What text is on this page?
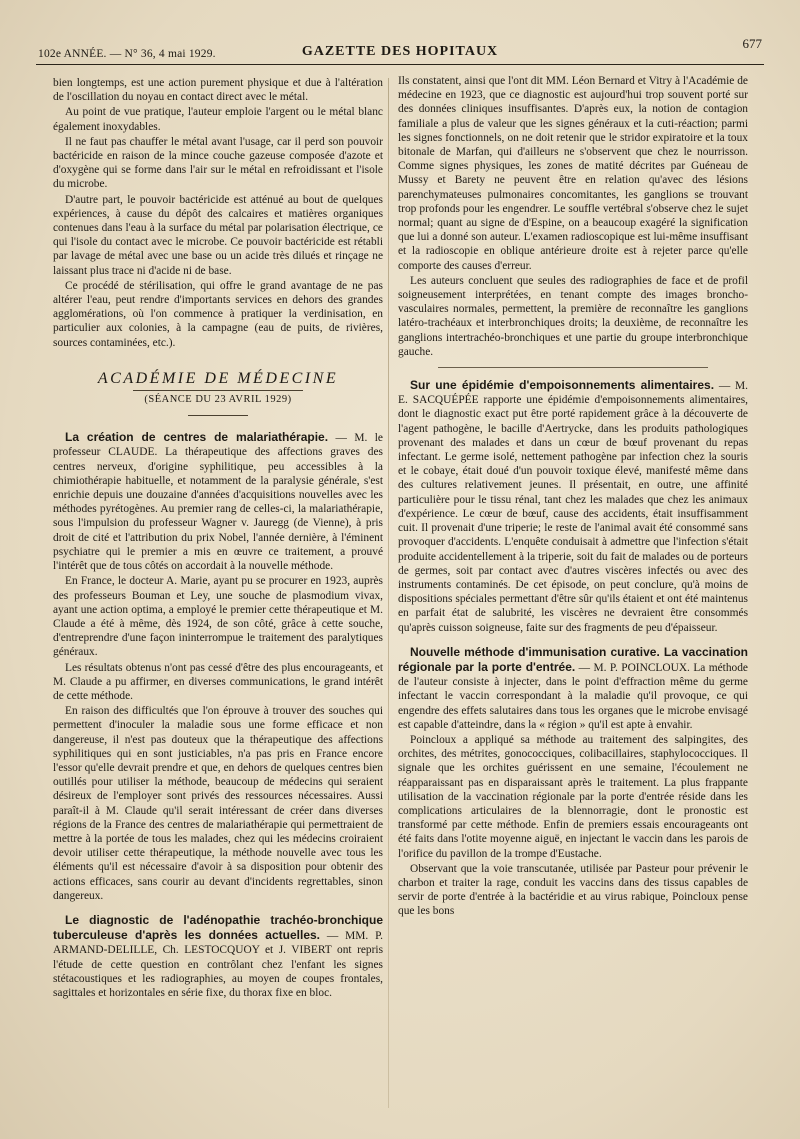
102e ANNÉE. — N° 36, 4 mai 1929.	GAZETTE DES HOPITAUX
677

bien longtemps, est une action purement physique et due à l'altération de l'oscillation du noyau en contact direct avec le métal.

Au point de vue pratique, l'auteur emploie l'argent ou le métal blanc également inoxydables.

Il ne faut pas chauffer le métal avant l'usage, car il perd son pouvoir bactéricide en raison de la mince couche gazeuse composée d'azote et d'oxygène qui se forme dans l'air sur le métal en refroidissant et l'isole du microbe.

D'autre part, le pouvoir bactéricide est atténué au bout de quelques expériences, à cause du dépôt des calcaires et matières organiques contenues dans l'eau à la surface du métal par polarisation électrique, ce qui l'isole du contact avec le microbe. Ce pouvoir bactéricide est rétabli par lavage de métal avec une base ou un acide très dilués et rinçage ne laissant plus trace ni d'acide ni de base.

Ce procédé de stérilisation, qui offre le grand avantage de ne pas altérer l'eau, peut rendre d'importants services en dehors des grandes agglomérations, où l'on commence à pratiquer la verdinisation, en particulier aux colonies, à la campagne (eau de puits, de rivières, sources contaminées, etc.).

ACADÉMIE DE MÉDECINE
(SÉANCE DU 23 AVRIL 1929)

La création de centres de malariathérapie. — M. le professeur CLAUDE. La thérapeutique des affections graves des centres nerveux, d'origine syphilitique, peu accessibles à la chimiothérapie habituelle, et notamment de la paralysie générale, s'est enrichie depuis une douzaine d'années d'acquisitions nouvelles avec les méthodes pyrétogènes. Au premier rang de celles-ci, la malariathérapie, sous l'impulsion du professeur Wagner v. Jauregg (de Vienne), à pris droit de cité et l'attribution du prix Nobel, l'année dernière, à l'éminent psychiatre qui le premier a mis en œuvre ce traitement, a prouvé l'intérêt que de tous côtés on accordait à la nouvelle méthode.

En France, le docteur A. Marie, ayant pu se procurer en 1923, auprès des professeurs Bouman et Ley, une souche de plasmodium vivax, ayant une action optima, a employé le premier cette thérapeutique et M. Claude a été à même, dès 1924, de son côté, grâce à cette souche, d'entreprendre d'une façon ininterrompue le traitement des paralytiques généraux.

Les résultats obtenus n'ont pas cessé d'être des plus encourageants, et M. Claude a pu affirmer, en diverses communications, le grand intérêt de cette méthode.

En raison des difficultés que l'on éprouve à trouver des souches qui permettent d'inoculer la maladie sous une forme efficace et non dangereuse, il n'est pas douteux que la thérapeutique des affections syphilitiques qui en sont justiciables, n'a pas pris en France encore l'essor qu'elle devrait prendre et que, en dehors de quelques centres bien outillés pour utiliser la méthode, beaucoup de médecins qui seraient désireux de l'employer sont privés des ressources nécessaires. Aussi paraît-il à M. Claude qu'il serait intéressant de créer dans diverses régions de la France des centres de malariathérapie qui permettraient de mettre à la portée de tous les malades, chez qui les médecins croiraient devoir utiliser cette thérapeutique, la méthode nouvelle avec tous les éléments qu'il est nécessaire d'avoir à sa disposition pour obtenir des actions efficaces, sans courir au devant d'incidents regrettables, sinon dangereux.

Le diagnostic de l'adénopathie trachéo-bronchique tuberculeuse d'après les données actuelles. — MM. P. ARMAND-DELILLE, Ch. LESTOCQUOY et J. VIBERT ont repris l'étude de cette question en contrôlant chez l'enfant les signes stétacoustiques et les radiographies, au moyen de coupes frontales, sagittales et horizontales en série fixe, du thorax fixe en bloc.

Ils constatent, ainsi que l'ont dit MM. Léon Bernard et Vitry à l'Académie de médecine en 1923, que ce diagnostic est aujourd'hui trop souvent porté sur des données cliniques insuffisantes. D'après eux, la notion de contagion familiale a plus de valeur que les signes généraux et la cuti-réaction; parmi les signes fonctionnels, on ne doit retenir que le stridor expiratoire et la toux bitonale de Marfan, qui d'ailleurs ne s'observent que chez le nourrisson. Comme signes physiques, les zones de matité décrites par Guéneau de Mussy et Barety ne peuvent être en relation qu'avec des lésions parenchymateuses pulmonaires concomitantes, les ganglions se trouvant trop profonds pour les engendrer. Le souffle vertébral s'observe chez le sujet normal; quant au signe de d'Espine, on a beaucoup exagéré la signification que lui a donné son auteur. L'examen radioscopique est lui-même insuffisant et la radioscopie en oblique antérieure droite est à rejeter parce qu'elle comporte des causes d'erreur.

Les auteurs concluent que seules des radiographies de face et de profil soigneusement interprétées, en tenant compte des images broncho-vasculaires normales, permettent, la première de reconnaître les ganglions latéro-trachéaux et interbronchiques droits; la deuxième, de reconnaître les ganglions intertrachéo-bronchiques et une partie du groupe interbronchique gauche.

Sur une épidémie d'empoisonnements alimentaires. — M. E. SACQUÉPÉE rapporte une épidémie d'empoisonnements alimentaires, dont le diagnostic exact put être porté rapidement grâce à la découverte de l'agent pathogène, le bacille d'Aertrycke, dans les produits pathologiques provenant des malades et dans un cœur de bœuf provenant du repas infectant. Le germe isolé, nettement pathogène par infection chez la souris et le cobaye, était doué d'un pouvoir toxique élevé, manifesté même dans des cultures relativement jeunes. Il présentait, en outre, une affinité particulière pour le tissu rénal, tant chez les malades que chez les animaux d'expérience. Le cœur de bœuf, cause des accidents, était insuffisamment cuit. Il provenait d'une triperie; le reste de l'animal avait été consommé sans provoquer d'accidents. L'enquête conduisait à admettre que l'infection s'était produite accidentellement à la triperie, soit du fait de malades ou de porteurs de germes, soit par contact avec d'autres viscères infectés ou avec des instruments contaminés. De cet épisode, on peut conclure, qu'à moins de dispositions spéciales permettant d'être sûr qu'ils étaient et ont été maintenus en parfait état de salubrité, les viscères ne devraient être consommés qu'après cuisson soigneuse, faite sur des fragments de peu d'épaisseur.

Nouvelle méthode d'immunisation curative. La vaccination régionale par la porte d'entrée. — M. P. POINCLOUX. La méthode de l'auteur consiste à injecter, dans le point d'effraction même du germe infectant le vaccin correspondant à la maladie qu'il provoque, ce qui engendre des effets salutaires dans tous les organes que le microbe envisagé est capable d'atteindre, dans la « région » qu'il est apte à envahir.

Poincloux a appliqué sa méthode au traitement des salpingites, des orchites, des métrites, gonococciques, colibacillaires, staphylococciques. Il signale que les orchites guérissent en une semaine, l'écoulement ne réapparaissant pas en disparaissant après le traitement. La plus frappante utilisation de la vaccination régionale par la porte d'entrée réside dans les complications articulaires de la blennorragie, dont le pronostic est transformé par cette méthode. Enfin de premiers essais encourageants ont été faits dans l'otite moyenne aiguë, en injectant le vaccin dans les parois de l'orifice du pavillon de la trompe d'Eustache.

Observant que la voie transcutanée, utilisée par Pasteur pour prévenir le charbon et traiter la rage, conduit les vaccins dans des tissus capables de servir de porte d'entrée à la bactéridie et au virus rabique, Poincloux pense que les bons
